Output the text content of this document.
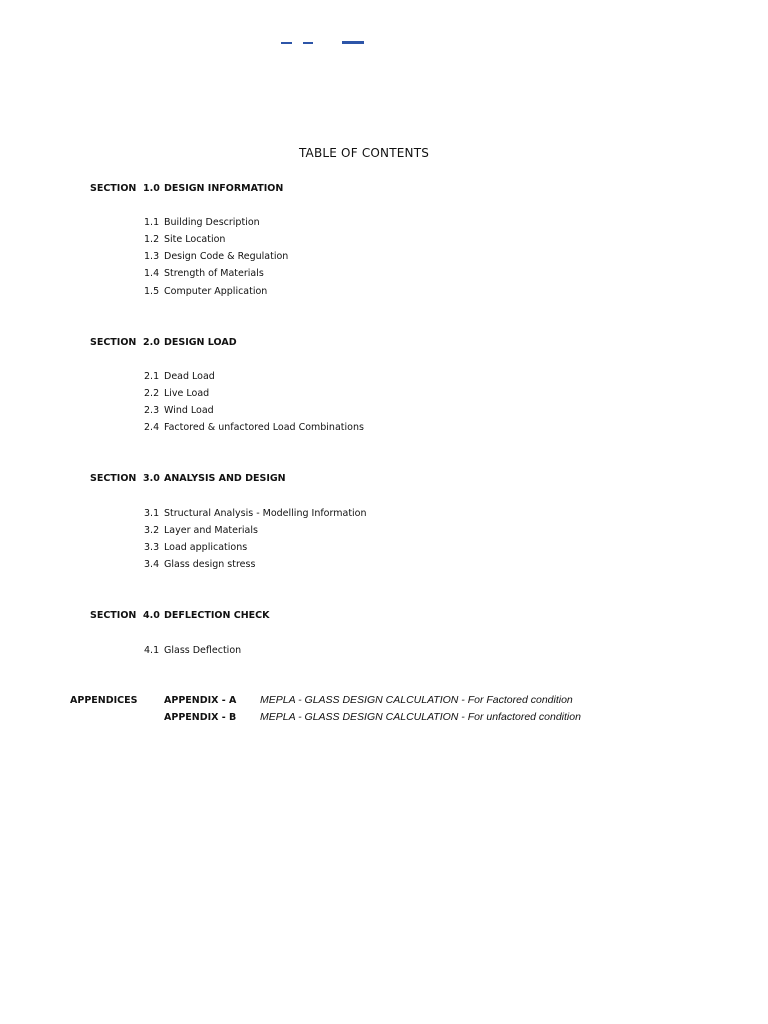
TABLE OF CONTENTS
SECTION 1.0 DESIGN INFORMATION
1.1 Building Description
1.2 Site Location
1.3 Design Code & Regulation
1.4 Strength of Materials
1.5 Computer Application
SECTION 2.0 DESIGN LOAD
2.1 Dead Load
2.2 Live Load
2.3 Wind Load
2.4 Factored & unfactored Load Combinations
SECTION 3.0 ANALYSIS AND DESIGN
3.1 Structural Analysis - Modelling Information
3.2 Layer and Materials
3.3 Load applications
3.4 Glass design stress
SECTION 4.0 DEFLECTION CHECK
4.1 Glass Deflection
APPENDICES	APPENDIX - A MEPLA - GLASS DESIGN CALCULATION - For Factored condition
APPENDIX - B MEPLA - GLASS DESIGN CALCULATION - For unfactored condition
